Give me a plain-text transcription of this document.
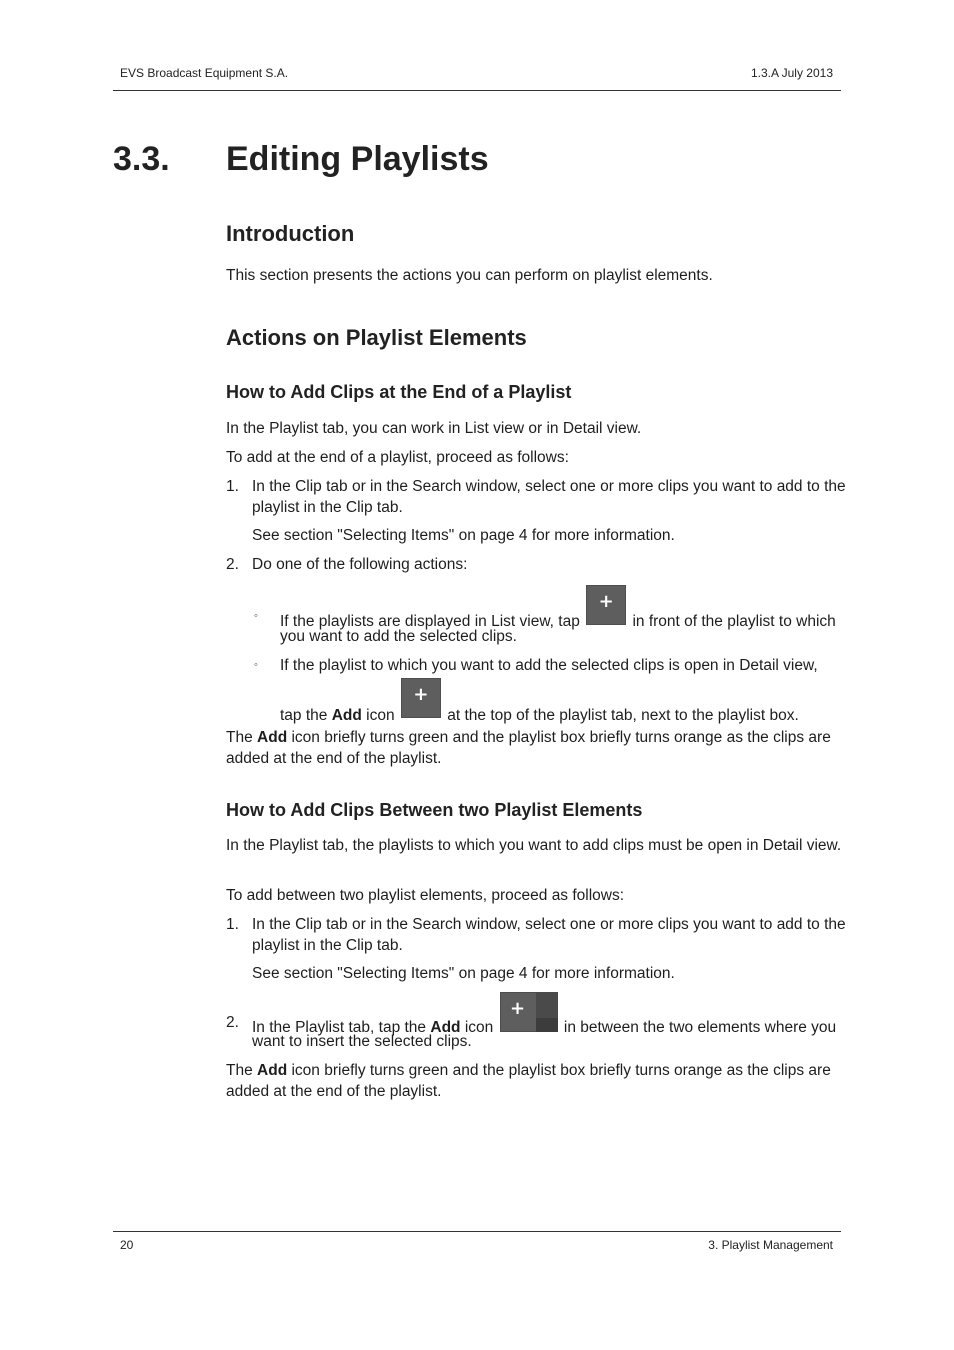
EVS Broadcast Equipment S.A.	1.3.A July 2013
3.3. Editing Playlists
Introduction
This section presents the actions you can perform on playlist elements.
Actions on Playlist Elements
How to Add Clips at the End of a Playlist
In the Playlist tab, you can work in List view or in Detail view.
To add at the end of a playlist, proceed as follows:
1. In the Clip tab or in the Search window, select one or more clips you want to add to the playlist in the Clip tab.
See section "Selecting Items" on page 4 for more information.
2. Do one of the following actions:
◦ If the playlists are displayed in List view, tap
+
in front of the playlist to which
you want to add the selected clips.
◦ If the playlist to which you want to add the selected clips is open in Detail view,
tap the Add icon
+
at the top of the playlist tab, next to the playlist box.
The Add icon briefly turns green and the playlist box briefly turns orange as the clips are added at the end of the playlist.
How to Add Clips Between two Playlist Elements
In the Playlist tab, the playlists to which you want to add clips must be open in Detail view.
To add between two playlist elements, proceed as follows:
1. In the Clip tab or in the Search window, select one or more clips you want to add to the playlist in the Clip tab.
See section "Selecting Items" on page 4 for more information.
2. In the Playlist tab, tap the Add icon
+
in between the two elements where you
want to insert the selected clips.
The Add icon briefly turns green and the playlist box briefly turns orange as the clips are added at the end of the playlist.
20	3. Playlist Management
